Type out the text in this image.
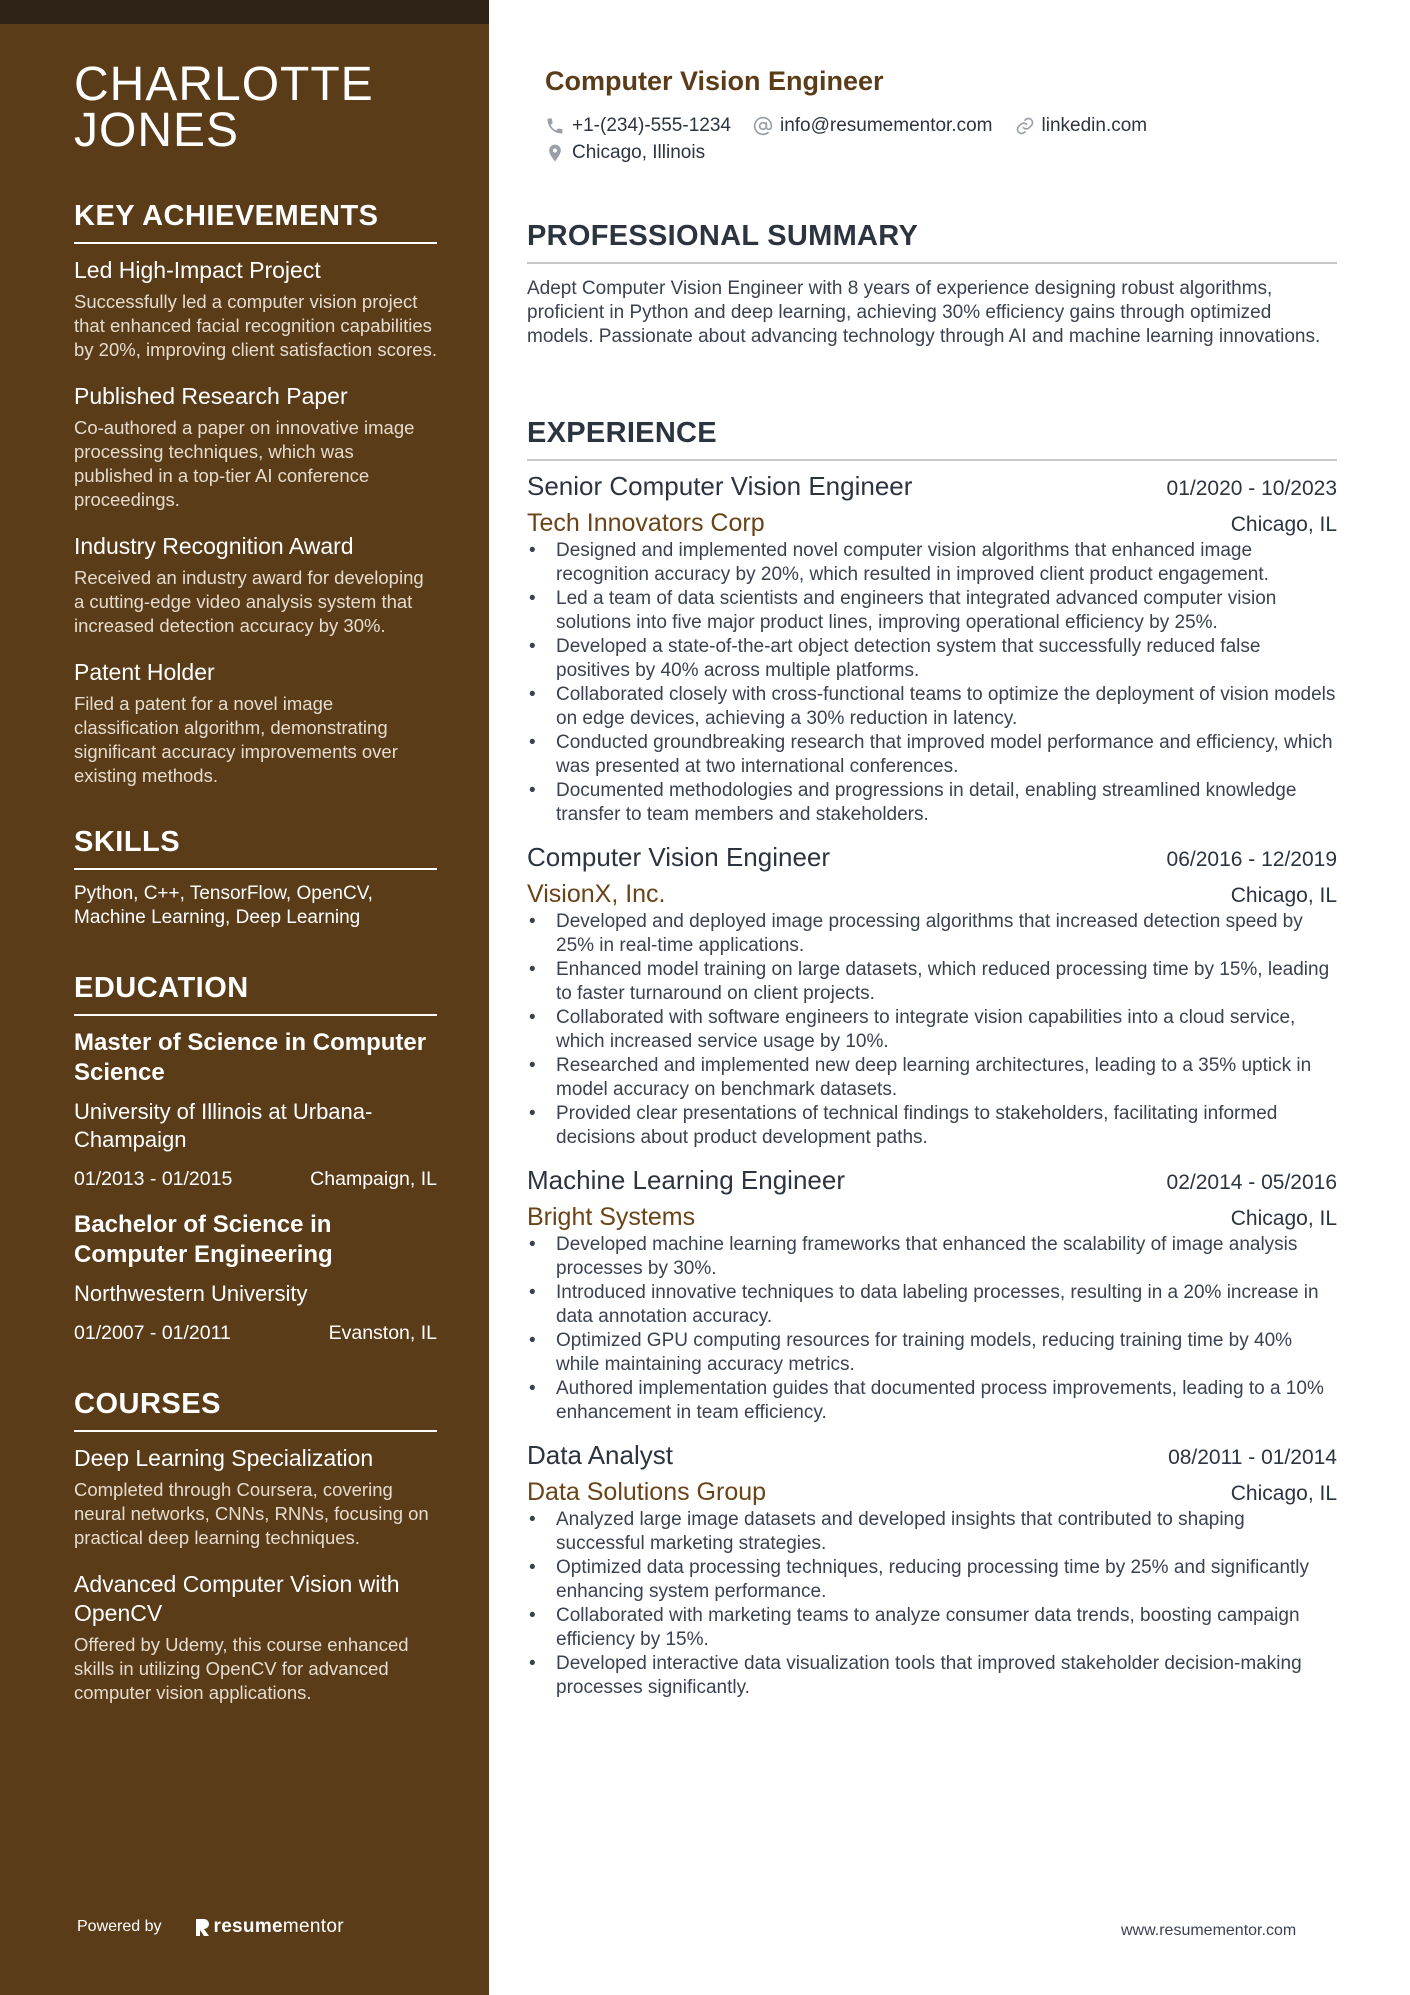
CHARLOTTE
JONES
KEY ACHIEVEMENTS
Led High-Impact Project
Successfully led a computer vision project that enhanced facial recognition capabilities by 20%, improving client satisfaction scores.
Published Research Paper
Co-authored a paper on innovative image processing techniques, which was published in a top-tier AI conference proceedings.
Industry Recognition Award
Received an industry award for developing a cutting-edge video analysis system that increased detection accuracy by 30%.
Patent Holder
Filed a patent for a novel image classification algorithm, demonstrating significant accuracy improvements over existing methods.
SKILLS
Python, C++, TensorFlow, OpenCV, Machine Learning, Deep Learning
EDUCATION
Master of Science in Computer Science
University of Illinois at Urbana-Champaign
01/2013 - 01/2015	Champaign, IL
Bachelor of Science in Computer Engineering
Northwestern University
01/2007 - 01/2011	Evanston, IL
COURSES
Deep Learning Specialization
Completed through Coursera, covering neural networks, CNNs, RNNs, focusing on practical deep learning techniques.
Advanced Computer Vision with OpenCV
Offered by Udemy, this course enhanced skills in utilizing OpenCV for advanced computer vision applications.
Powered by	resume mentor
Computer Vision Engineer
+1-(234)-555-1234	info@resumementor.com	linkedin.com
Chicago, Illinois
PROFESSIONAL SUMMARY
Adept Computer Vision Engineer with 8 years of experience designing robust algorithms, proficient in Python and deep learning, achieving 30% efficiency gains through optimized models. Passionate about advancing technology through AI and machine learning innovations.
EXPERIENCE
Senior Computer Vision Engineer	01/2020 - 10/2023
Tech Innovators Corp	Chicago, IL
• Designed and implemented novel computer vision algorithms that enhanced image recognition accuracy by 20%, which resulted in improved client product engagement.
• Led a team of data scientists and engineers that integrated advanced computer vision solutions into five major product lines, improving operational efficiency by 25%.
• Developed a state-of-the-art object detection system that successfully reduced false positives by 40% across multiple platforms.
• Collaborated closely with cross-functional teams to optimize the deployment of vision models on edge devices, achieving a 30% reduction in latency.
• Conducted groundbreaking research that improved model performance and efficiency, which was presented at two international conferences.
• Documented methodologies and progressions in detail, enabling streamlined knowledge transfer to team members and stakeholders.
Computer Vision Engineer	06/2016 - 12/2019
VisionX, Inc.	Chicago, IL
• Developed and deployed image processing algorithms that increased detection speed by 25% in real-time applications.
• Enhanced model training on large datasets, which reduced processing time by 15%, leading to faster turnaround on client projects.
• Collaborated with software engineers to integrate vision capabilities into a cloud service, which increased service usage by 10%.
• Researched and implemented new deep learning architectures, leading to a 35% uptick in model accuracy on benchmark datasets.
• Provided clear presentations of technical findings to stakeholders, facilitating informed decisions about product development paths.
Machine Learning Engineer	02/2014 - 05/2016
Bright Systems	Chicago, IL
• Developed machine learning frameworks that enhanced the scalability of image analysis processes by 30%.
• Introduced innovative techniques to data labeling processes, resulting in a 20% increase in data annotation accuracy.
• Optimized GPU computing resources for training models, reducing training time by 40% while maintaining accuracy metrics.
• Authored implementation guides that documented process improvements, leading to a 10% enhancement in team efficiency.
Data Analyst	08/2011 - 01/2014
Data Solutions Group	Chicago, IL
• Analyzed large image datasets and developed insights that contributed to shaping successful marketing strategies.
• Optimized data processing techniques, reducing processing time by 25% and significantly enhancing system performance.
• Collaborated with marketing teams to analyze consumer data trends, boosting campaign efficiency by 15%.
• Developed interactive data visualization tools that improved stakeholder decision-making processes significantly.
www.resumementor.com
